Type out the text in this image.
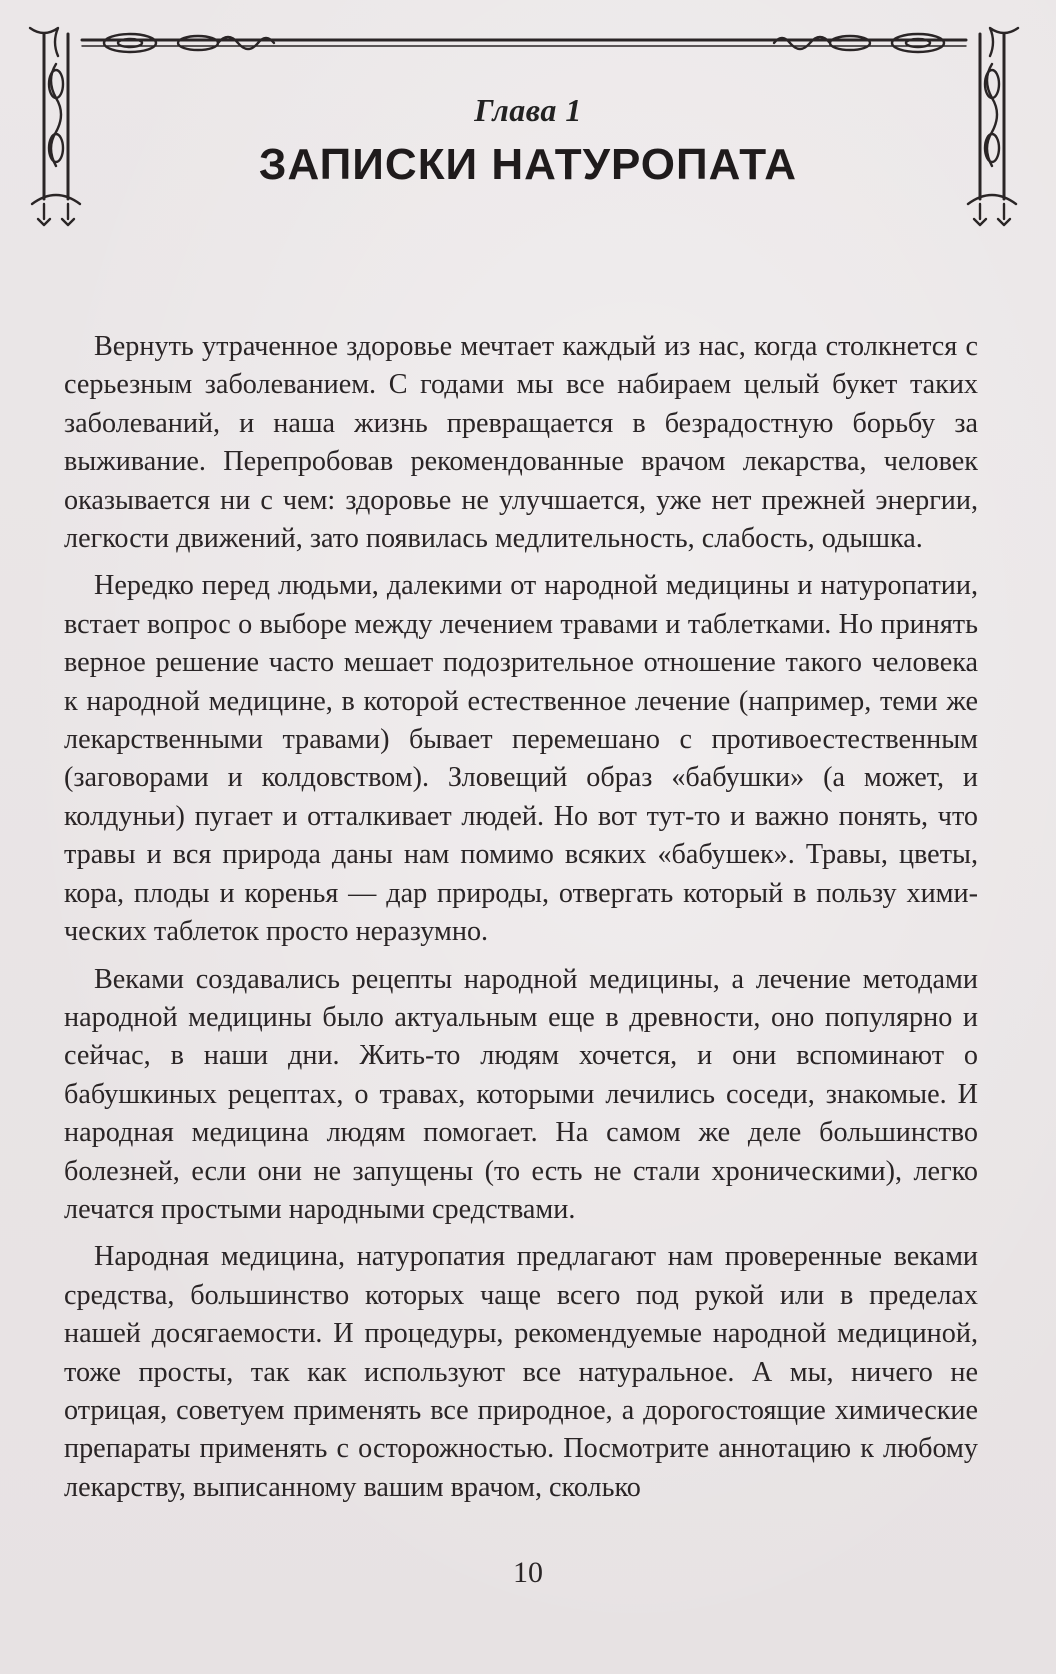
Глава 1
ЗАПИСКИ НАТУРОПАТА

Вернуть утраченное здоровье мечтает каждый из нас, когда столкнется с серьезным заболеванием. С годами мы все набираем целый букет таких заболеваний, и наша жизнь превращается в безрадостную борьбу за выживание. Перепробовав рекомендованные врачом лекарства, человек оказывается ни с чем: здоровье не улучшается, уже нет прежней энергии, легкости движений, зато появилась медлительность, слабость, одышка.

Нередко перед людьми, далекими от народной медицины и натуропатии, встает вопрос о выборе между лечением травами и таблетками. Но принять верное решение часто мешает подозрительное отношение такого человека к народной медицине, в которой естественное лечение (например, теми же лекарственными травами) бывает перемешано с противоестественным (заговорами и колдовством). Зловещий образ «бабушки» (а может, и колдуньи) пугает и отталкивает людей. Но вот тут-то и важно понять, что травы и вся природа даны нам помимо всяких «бабушек». Травы, цветы, кора, плоды и коренья — дар природы, отвергать который в пользу химических таблеток просто неразумно.

Веками создавались рецепты народной медицины, а лечение методами народной медицины было актуальным еще в древности, оно популярно и сейчас, в наши дни. Жить-то людям хочется, и они вспоминают о бабушкиных рецептах, о травах, которыми лечились соседи, знакомые. И народная медицина людям помогает. На самом же деле большинство болезней, если они не запущены (то есть не стали хроническими), легко лечатся простыми народными средствами.

Народная медицина, натуропатия предлагают нам проверенные веками средства, большинство которых чаще всего под рукой или в пределах нашей досягаемости. И процедуры, рекомендуемые народной медициной, тоже просты, так как используют все натуральное. А мы, ничего не отрицая, советуем применять все природное, а дорогостоящие химические препараты применять с осторожностью. Посмотрите аннотацию к любому лекарству, выписанному вашим врачом, сколько

10
